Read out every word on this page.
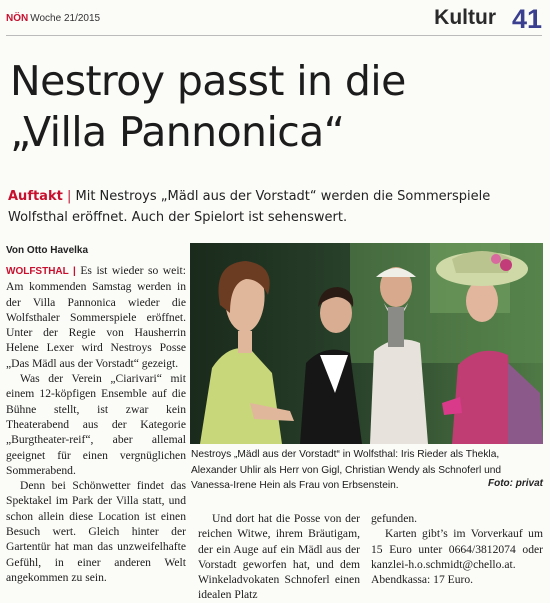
NÖN Woche 21/2015	Kultur 41
Nestroy passt in die
„Villa Pannonica“
Auftakt | Mit Nestroys „Mädl aus der Vorstadt“ werden die Sommerspiele Wolfsthal eröffnet. Auch der Spielort ist sehenswert.
Von Otto Havelka

WOLFSTHAL | Es ist wieder so weit: Am kommenden Samstag werden in der Villa Pannonica wieder die Wolfsthaler Sommerspiele eröffnet. Unter der Regie von Hausherrin Helene Lexer wird Nestroys Posse „Das Mädl aus der Vorstadt“ gezeigt.

Was der Verein „Ciarivari“ mit einem 12-köpfigen Ensemble auf die Bühne stellt, ist zwar kein Theaterabend aus der Kategorie „Burgtheater-reif“, aber allemal geeignet für einen vergnüglichen Sommerabend.

Denn bei Schönwetter findet das Spektakel im Park der Villa statt, und schon allein diese Location ist einen Besuch wert. Gleich hinter der Gartentür hat man das unzweifelhafte Gefühl, in einer anderen Welt angekommen zu sein.

Nestroys „Mädl aus der Vorstadt“ in Wolfsthal: Iris Rieder als Thekla, Alexander Uhlir als Herr von Gigl, Christian Wendy als Schnoferl und Vanessa-Irene Hein als Frau von Erbsenstein.	Foto: privat

Und dort hat die Posse von der reichen Witwe, ihrem Bräutigam, der ein Auge auf ein Mädl aus der Vorstadt geworfen hat, und dem Winkeladvokaten Schnoferl einen idealen Platz

gefunden.

Karten gibt’s im Vorverkauf um 15 Euro unter 0664/3812074 oder kanzlei-h.o.schmidt@chello.at. Abendkassa: 17 Euro.
